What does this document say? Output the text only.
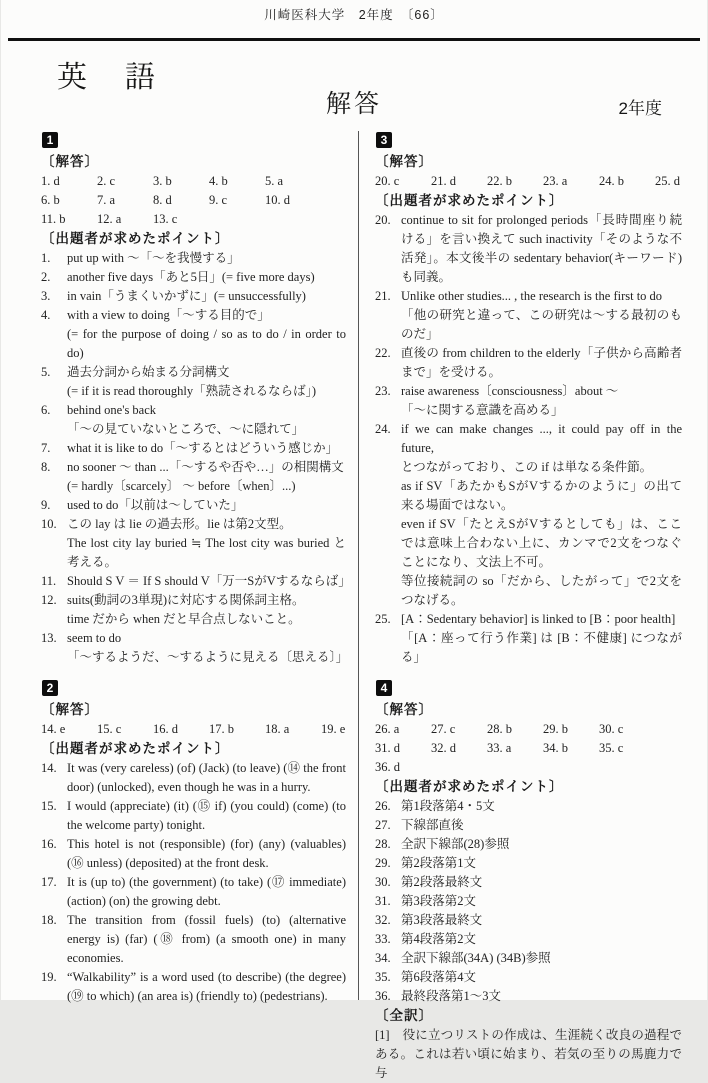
川崎医科大学　2年度　〔66〕
英　語
解答	2年度
1
〔解答〕
1. d	2. c	3. b	4. b	5. a
6. b	7. a	8. d	9. c	10. d
11. b	12. a	13. c
〔出題者が求めたポイント〕
1.	put up with ～「～を我慢する」
2.	another five days「あと5日」(= five more days)
3.	in vain「うまくいかずに」(= unsuccessfully)
4.	with a view to doing「～する目的で」
(= for the purpose of doing / so as to do / in order to do)
5.	過去分詞から始まる分詞構文
(= if it is read thoroughly「熟読されるならば」)
6.	behind one's back
「～の見ていないところで、～に隠れて」
7.	what it is like to do「～するとはどういう感じか」
8.	no sooner ～ than ...「～するや否や…」の相関構文
(= hardly〔scarcely〕 ～ before〔when〕...)
9.	used to do「以前は～していた」
10. この lay は lie の過去形。lie は第2文型。
The lost city lay buried ≒ The lost city was buried と考える。
11. Should S V ＝ If S should V「万一SがVするならば」
12. suits(動詞の3単現)に対応する関係詞主格。
time だから when だと早合点しないこと。
13. seem to do
「～するようだ、～するように見える〔思える〕」
2
〔解答〕
14. e	15. c	16. d	17. b	18. a	19. e
〔出題者が求めたポイント〕
14. It was (very careless) (of) (Jack) (to leave) (⑭ the front door) (unlocked), even though he was in a hurry.
15. I would (appreciate) (it) (⑮ if) (you could) (come) (to the welcome party) tonight.
16. This hotel is not (responsible) (for) (any) (valuables) (⑯ unless) (deposited) at the front desk.
17. It is (up to) (the government) (to take) (⑰ immediate) (action) (on) the growing debt.
18. The transition from (fossil fuels) (to) (alternative energy is) (far) (⑱ from) (a smooth one) in many economies.
19. “Walkability” is a word used (to describe) (the degree) (⑲ to which) (an area is) (friendly to) (pedestrians).
3
〔解答〕
20. c	21. d	22. b	23. a	24. b	25. d
〔出題者が求めたポイント〕
20. continue to sit for prolonged periods「長時間座り続ける」を言い換えて such inactivity「そのような不活発」。本文後半の sedentary behavior(キーワード)も同義。
21. Unlike other studies... , the research is the first to do
「他の研究と違って、この研究は～する最初のものだ」
22. 直後の from children to the elderly「子供から高齢者まで」を受ける。
23. raise awareness〔consciousness〕about ～
「～に関する意識を高める」
24. if we can make changes ..., it could pay off in the future,
とつながっており、この if は単なる条件節。
as if SV「あたかもSがVするかのように」の出て来る場面ではない。
even if SV「たとえSがVするとしても」は、ここでは意味上合わない上に、カンマで2文をつなぐことになり、文法上不可。
等位接続詞の so「だから、したがって」で2文をつなげる。
25. [A：Sedentary behavior] is linked to [B：poor health]
「[A：座って行う作業] は [B：不健康] につながる」
4
〔解答〕
26. a	27. c	28. b	29. b	30. c
31. d	32. d	33. a	34. b	35. c
36. d
〔出題者が求めたポイント〕
26. 第1段落第4・5文
27. 下線部直後
28. 全訳下線部(28)参照
29. 第2段落第1文
30. 第2段落最終文
31. 第3段落第2文
32. 第3段落最終文
33. 第4段落第2文
34. 全訳下線部(34A) (34B)参照
35. 第6段落第4文
36. 最終段落第1～3文
〔全訳〕
[1]　役に立つリストの作成は、生涯続く改良の過程である。これは若い頃に始まり、若気の至りの馬鹿力で与
